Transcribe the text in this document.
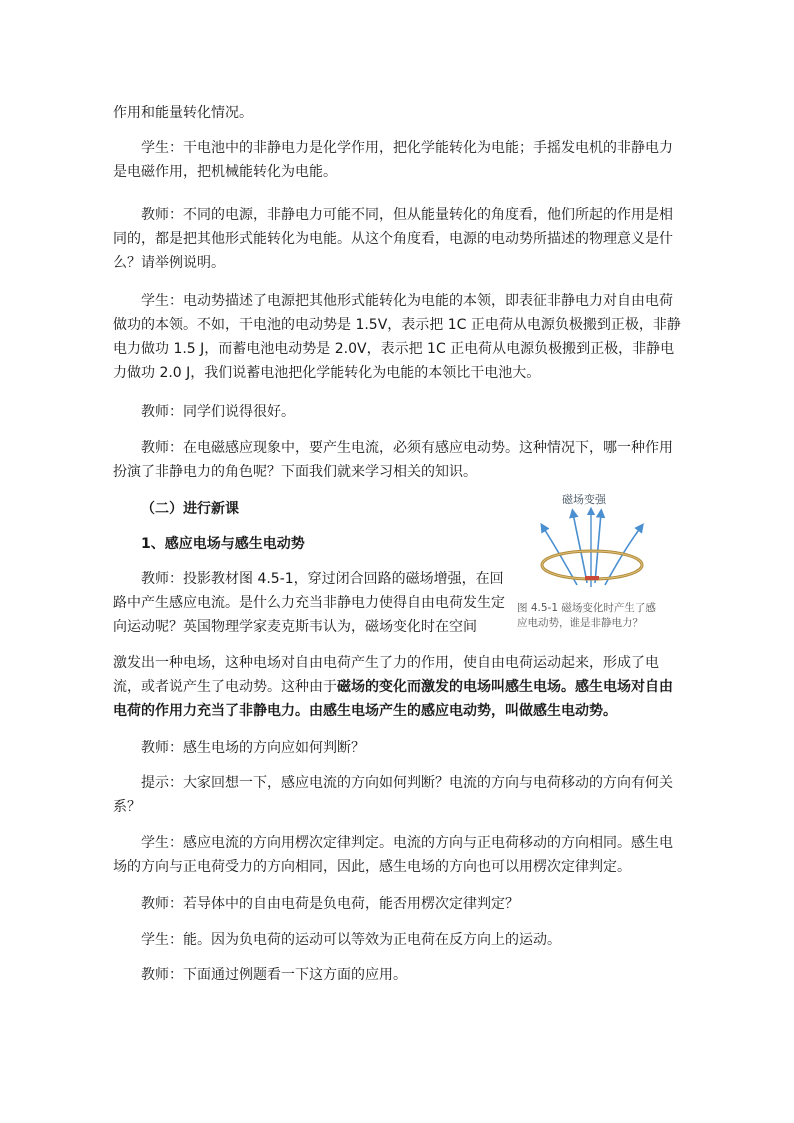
作用和能量转化情况。

学生：干电池中的非静电力是化学作用，把化学能转化为电能；手摇发电机的非静电力是电磁作用，把机械能转化为电能。

教师：不同的电源，非静电力可能不同，但从能量转化的角度看，他们所起的作用是相同的，都是把其他形式能转化为电能。从这个角度看，电源的电动势所描述的物理意义是什么？请举例说明。

学生：电动势描述了电源把其他形式能转化为电能的本领，即表征非静电力对自由电荷做功的本领。不如，干电池的电动势是 1.5V，表示把 1C 正电荷从电源负极搬到正极，非静电力做功 1.5 J，而蓄电池电动势是 2.0V，表示把 1C 正电荷从电源负极搬到正极，非静电力做功 2.0 J，我们说蓄电池把化学能转化为电能的本领比干电池大。

教师：同学们说得很好。

教师：在电磁感应现象中，要产生电流，必须有感应电动势。这种情况下，哪一种作用扮演了非静电力的角色呢？下面我们就来学习相关的知识。

（二）进行新课

1、感应电场与感生电动势

教师：投影教材图 4.5-1，穿过闭合回路的磁场增强，在回路中产生感应电流。是什么力充当非静电力使得自由电荷发生定向运动呢？英国物理学家麦克斯韦认为，磁场变化时在空间

激发出一种电场，这种电场对自由电荷产生了力的作用，使自由电荷运动起来，形成了电流，或者说产生了电动势。这种由于磁场的变化而激发的电场叫感生电场。感生电场对自由电荷的作用力充当了非静电力。由感生电场产生的感应电动势，叫做感生电动势。

教师：感生电场的方向应如何判断？

提示：大家回想一下，感应电流的方向如何判断？电流的方向与电荷移动的方向有何关系？

学生：感应电流的方向用楞次定律判定。电流的方向与正电荷移动的方向相同。感生电场的方向与正电荷受力的方向相同，因此，感生电场的方向也可以用楞次定律判定。

教师：若导体中的自由电荷是负电荷，能否用楞次定律判定？

学生：能。因为负电荷的运动可以等效为正电荷在反方向上的运动。

教师：下面通过例题看一下这方面的应用。

磁场变强
图 4.5-1 磁场变化时产生了感应电动势，谁是非静电力？
